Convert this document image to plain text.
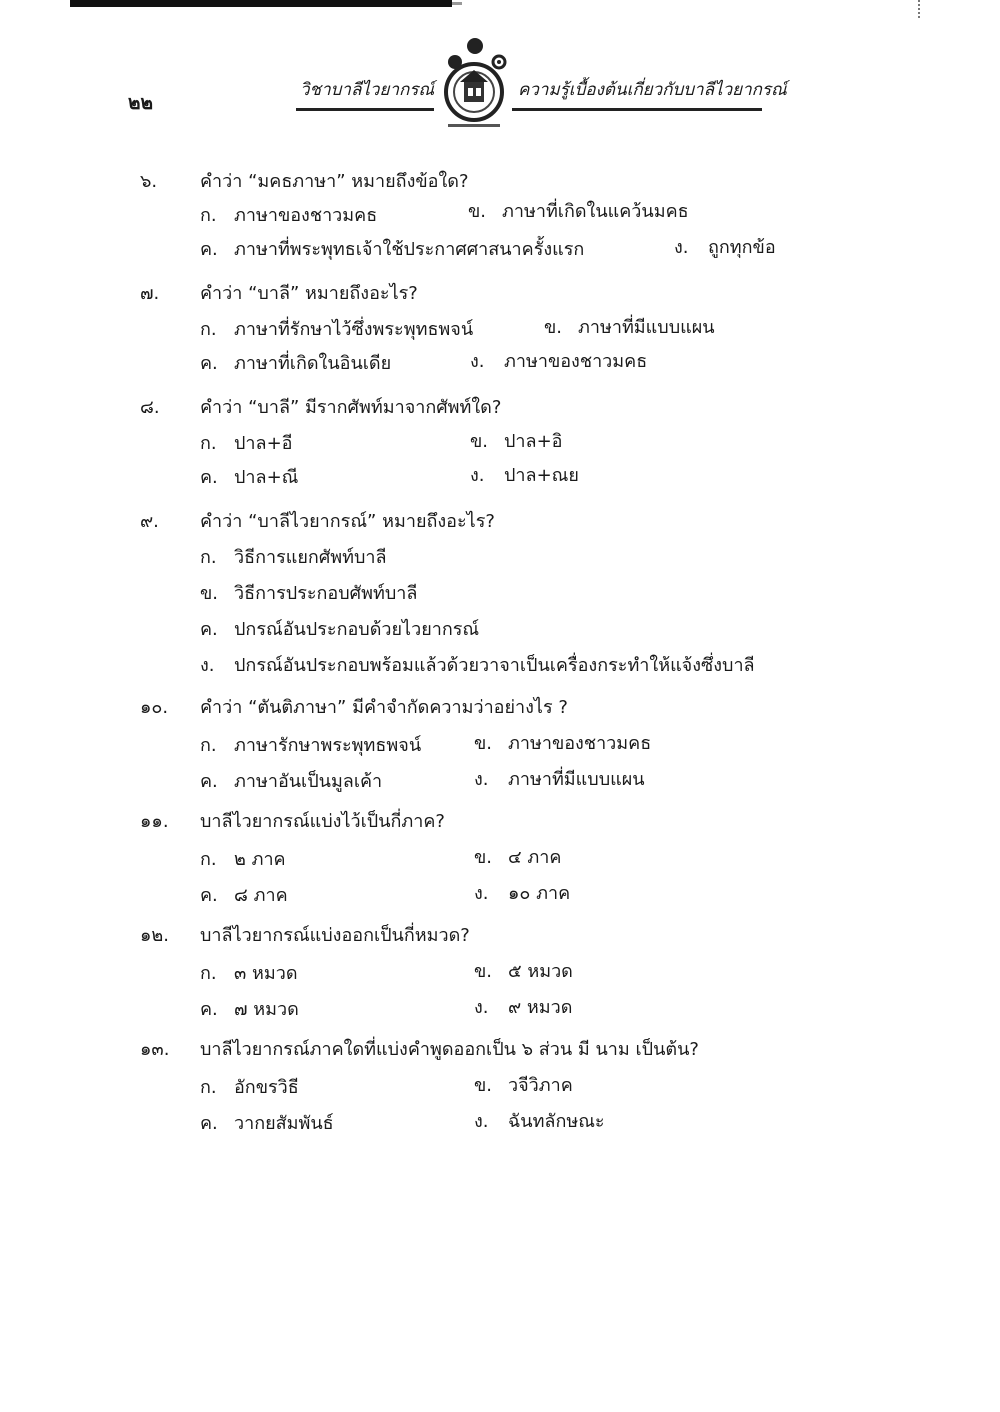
๒๒
วิชาบาลีไวยากรณ์	ความรู้เบื้องต้นเกี่ยวกับบาลีไวยากรณ์
๖. คำว่า “มคธภาษา” หมายถึงข้อใด?
ก. ภาษาของชาวมคธ	ข. ภาษาที่เกิดในแคว้นมคธ
ค. ภาษาที่พระพุทธเจ้าใช้ประกาศศาสนาครั้งแรก	ง. ถูกทุกข้อ
๗. คำว่า “บาลี” หมายถึงอะไร?
ก. ภาษาที่รักษาไว้ซึ่งพระพุทธพจน์	ข. ภาษาที่มีแบบแผน
ค. ภาษาที่เกิดในอินเดีย	ง. ภาษาของชาวมคธ
๘. คำว่า “บาลี” มีรากศัพท์มาจากศัพท์ใด?
ก. ปาล+อี	ข. ปาล+อิ
ค. ปาล+ณี	ง. ปาล+ณย
๙. คำว่า “บาลีไวยากรณ์” หมายถึงอะไร?
ก. วิธีการแยกศัพท์บาลี
ข. วิธีการประกอบศัพท์บาลี
ค. ปกรณ์อันประกอบด้วยไวยากรณ์
ง. ปกรณ์อันประกอบพร้อมแล้วด้วยวาจาเป็นเครื่องกระทำให้แจ้งซึ่งบาลี
๑๐. คำว่า “ตันติภาษา” มีคำจำกัดความว่าอย่างไร ?
ก. ภาษารักษาพระพุทธพจน์	ข. ภาษาของชาวมคธ
ค. ภาษาอันเป็นมูลเค้า	ง. ภาษาที่มีแบบแผน
๑๑. บาลีไวยากรณ์แบ่งไว้เป็นกี่ภาค?
ก. ๒ ภาค	ข. ๔ ภาค
ค. ๘ ภาค	ง. ๑๐ ภาค
๑๒. บาลีไวยากรณ์แบ่งออกเป็นกี่หมวด?
ก. ๓ หมวด	ข. ๕ หมวด
ค. ๗ หมวด	ง. ๙ หมวด
๑๓. บาลีไวยากรณ์ภาคใดที่แบ่งคำพูดออกเป็น ๖ ส่วน มี นาม เป็นต้น?
ก. อักขรวิธี	ข. วจีวิภาค
ค. วากยสัมพันธ์	ง. ฉันทลักษณะ
